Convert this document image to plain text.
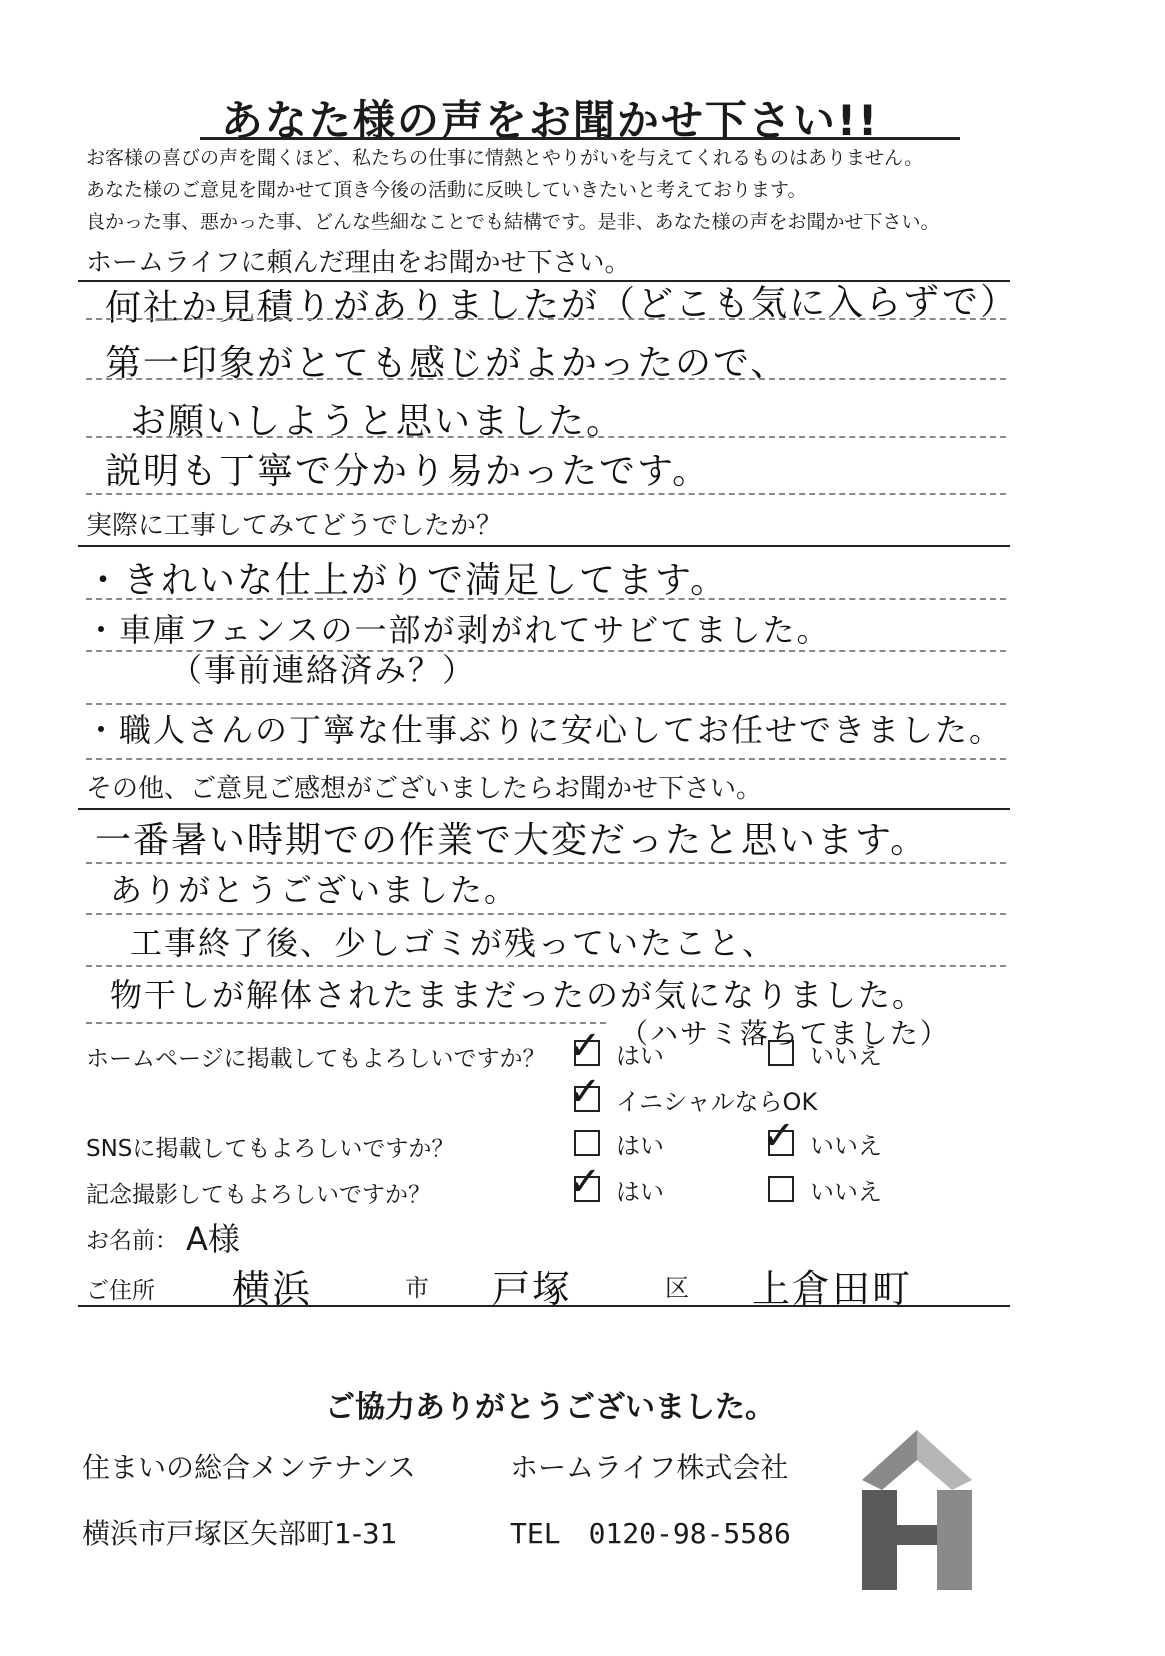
あなた様の声をお聞かせ下さい!!
お客様の喜びの声を聞くほど、私たちの仕事に情熱とやりがいを与えてくれるものはありません。
あなた様のご意見を聞かせて頂き今後の活動に反映していきたいと考えております。
良かった事、悪かった事、どんな些細なことでも結構です。是非、あなた様の声をお聞かせ下さい。
ホームライフに頼んだ理由をお聞かせ下さい。
何社か見積りがありましたが（どこも気に入らずで）
第一印象がとても感じがよかったので、
お願いしようと思いました。
説明も丁寧で分かり易かったです。
実際に工事してみてどうでしたか？
・きれいな仕上がりで満足してます。
・車庫フェンスの一部が剥がれてサビてました。
（事前連絡済み？）
・職人さんの丁寧な仕事ぶりに安心してお任せできました。
その他、ご意見ご感想がございましたらお聞かせ下さい。
一番暑い時期での作業で大変だったと思います。
ありがとうございました。
工事終了後、少しゴミが残っていたこと、
物干しが解体されたままだったのが気になりました。
（ハサミ落ちてました）
ホームページに掲載してもよろしいですか？ ✓ はい	いいえ
✓ イニシャルならOK
SNSに掲載してもよろしいですか？	はい ✓ いいえ
記念撮影してもよろしいですか？	✓ はい	いいえ
お名前： A様
ご住所 横浜	市 戸塚	区 上倉田町
ご協力ありがとうございました。
住まいの総合メンテナンス	ホームライフ株式会社
横浜市戸塚区矢部町1-31	TEL　0120-98-5586
HL
